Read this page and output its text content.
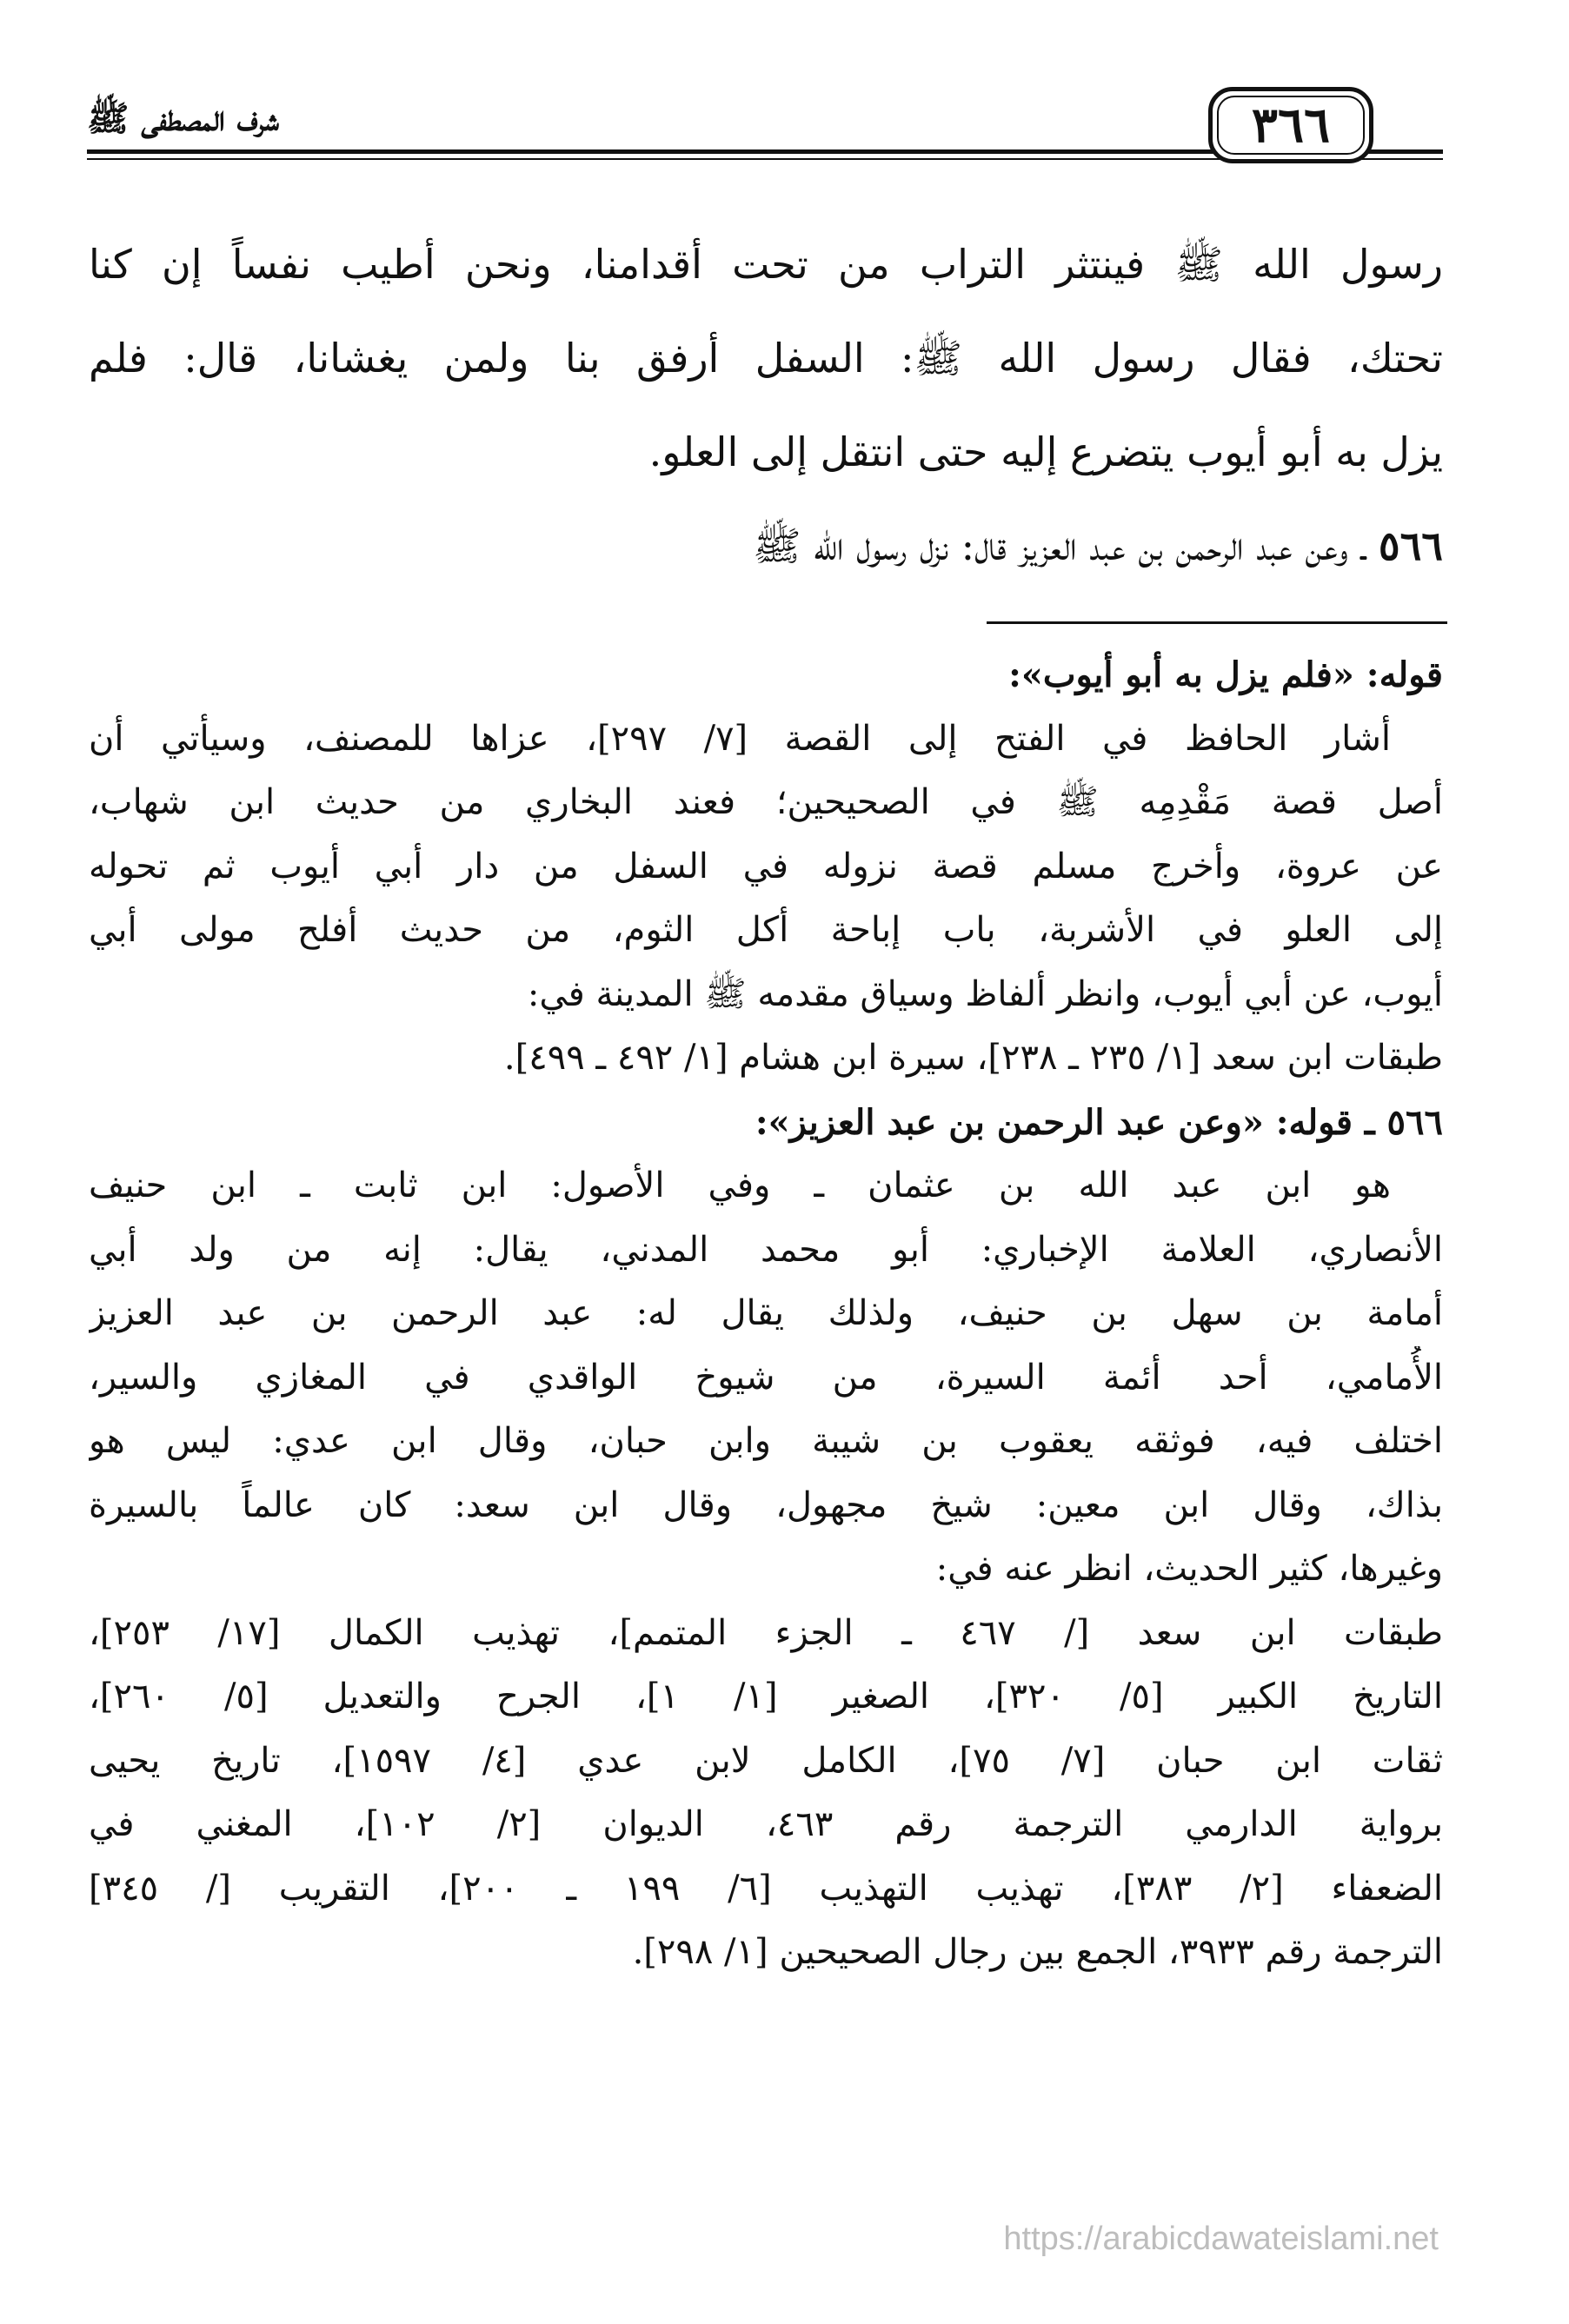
شرف المصطفى ﷺ	٣٦٦
رسول الله ﷺ فينتثر التراب من تحت أقدامنا، ونحن أطيب نفساً إن كنا
تحتك، فقال رسول الله ﷺ: السفل أرفق بنا ولمن يغشانا، قال: فلم
يزل به أبو أيوب يتضرع إليه حتى انتقل إلى العلو.
٥٦٦ ـ وعن عبد الرحمن بن عبد العزيز قال: نزل رسول الله ﷺ
قوله: «فلم يزل به أبو أيوب»:
أشار الحافظ في الفتح إلى القصة [٧/ ٢٩٧]، عزاها للمصنف، وسيأتي أن
أصل قصة مَقْدِمِه ﷺ في الصحيحين؛ فعند البخاري من حديث ابن شهاب،
عن عروة، وأخرج مسلم قصة نزوله في السفل من دار أبي أيوب ثم تحوله
إلى العلو في الأشربة، باب إباحة أكل الثوم، من حديث أفلح مولى أبي
أيوب، عن أبي أيوب، وانظر ألفاظ وسياق مقدمه ﷺ المدينة في:
طبقات ابن سعد [١/ ٢٣٥ ـ ٢٣٨]، سيرة ابن هشام [١/ ٤٩٢ ـ ٤٩٩].
٥٦٦ ـ قوله: «وعن عبد الرحمن بن عبد العزيز»:
هو ابن عبد الله بن عثمان ـ وفي الأصول: ابن ثابت ـ ابن حنيف
الأنصاري، العلامة الإخباري: أبو محمد المدني، يقال: إنه من ولد أبي
أمامة بن سهل بن حنيف، ولذلك يقال له: عبد الرحمن بن عبد العزيز
الأُمامي، أحد أئمة السيرة، من شيوخ الواقدي في المغازي والسير،
اختلف فيه، فوثقه يعقوب بن شيبة وابن حبان، وقال ابن عدي: ليس هو
بذاك، وقال ابن معين: شيخ مجهول، وقال ابن سعد: كان عالماً بالسيرة
وغيرها، كثير الحديث، انظر عنه في:
طبقات ابن سعد [/ ٤٦٧ ـ الجزء المتمم]، تهذيب الكمال [١٧/ ٢٥٣]،
التاريخ الكبير [٥/ ٣٢٠]، الصغير [١/ ١]، الجرح والتعديل [٥/ ٢٦٠]،
ثقات ابن حبان [٧/ ٧٥]، الكامل لابن عدي [٤/ ١٥٩٧]، تاريخ يحيى
برواية الدارمي الترجمة رقم ٤٦٣، الديوان [٢/ ١٠٢]، المغني في
الضعفاء [٢/ ٣٨٣]، تهذيب التهذيب [٦/ ١٩٩ ـ ٢٠٠]، التقريب [/ ٣٤٥]
الترجمة رقم ٣٩٣٣، الجمع بين رجال الصحيحين [١/ ٢٩٨].
https://arabicdawateislami.net
